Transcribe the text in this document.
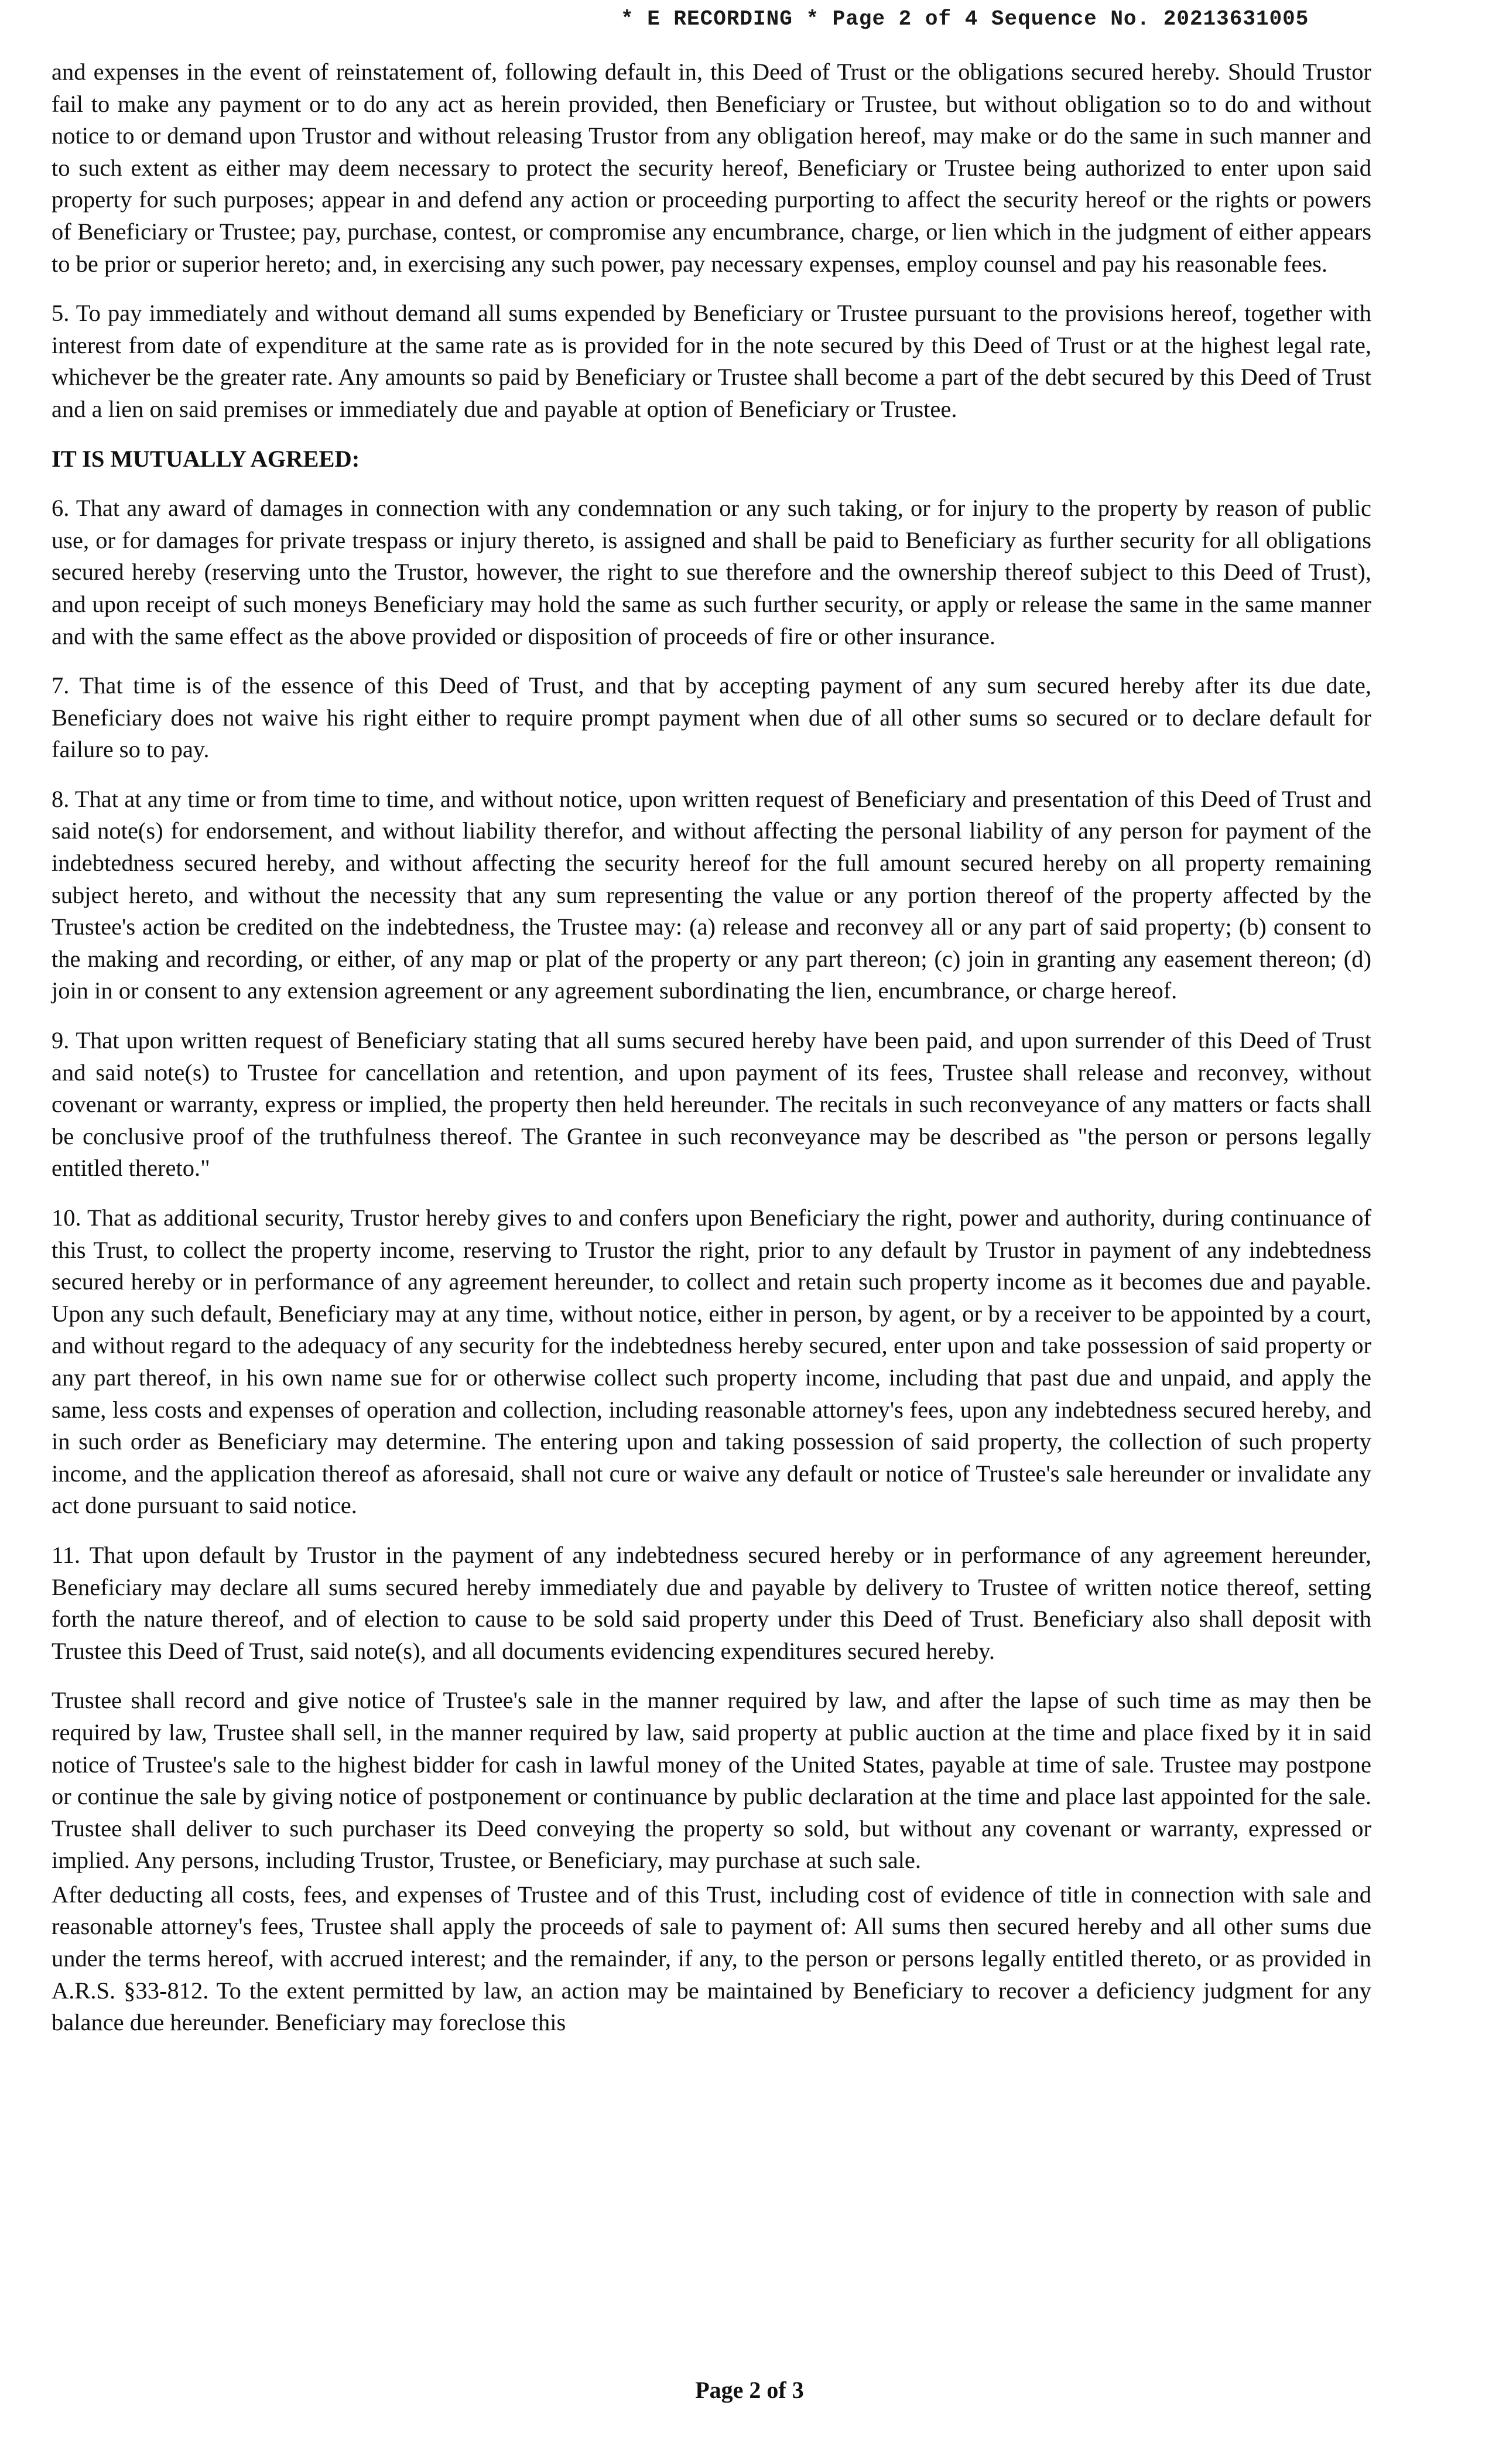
* E RECORDING * Page 2 of 4 Sequence No. 20213631005

and expenses in the event of reinstatement of, following default in, this Deed of Trust or the obligations secured hereby. Should Trustor fail to make any payment or to do any act as herein provided, then Beneficiary or Trustee, but without obligation so to do and without notice to or demand upon Trustor and without releasing Trustor from any obligation hereof, may make or do the same in such manner and to such extent as either may deem necessary to protect the security hereof, Beneficiary or Trustee being authorized to enter upon said property for such purposes; appear in and defend any action or proceeding purporting to affect the security hereof or the rights or powers of Beneficiary or Trustee; pay, purchase, contest, or compromise any encumbrance, charge, or lien which in the judgment of either appears to be prior or superior hereto; and, in exercising any such power, pay necessary expenses, employ counsel and pay his reasonable fees.

5. To pay immediately and without demand all sums expended by Beneficiary or Trustee pursuant to the provisions hereof, together with interest from date of expenditure at the same rate as is provided for in the note secured by this Deed of Trust or at the highest legal rate, whichever be the greater rate. Any amounts so paid by Beneficiary or Trustee shall become a part of the debt secured by this Deed of Trust and a lien on said premises or immediately due and payable at option of Beneficiary or Trustee.

IT IS MUTUALLY AGREED:

6. That any award of damages in connection with any condemnation or any such taking, or for injury to the property by reason of public use, or for damages for private trespass or injury thereto, is assigned and shall be paid to Beneficiary as further security for all obligations secured hereby (reserving unto the Trustor, however, the right to sue therefore and the ownership thereof subject to this Deed of Trust), and upon receipt of such moneys Beneficiary may hold the same as such further security, or apply or release the same in the same manner and with the same effect as the above provided or disposition of proceeds of fire or other insurance.

7. That time is of the essence of this Deed of Trust, and that by accepting payment of any sum secured hereby after its due date, Beneficiary does not waive his right either to require prompt payment when due of all other sums so secured or to declare default for failure so to pay.

8. That at any time or from time to time, and without notice, upon written request of Beneficiary and presentation of this Deed of Trust and said note(s) for endorsement, and without liability therefor, and without affecting the personal liability of any person for payment of the indebtedness secured hereby, and without affecting the security hereof for the full amount secured hereby on all property remaining subject hereto, and without the necessity that any sum representing the value or any portion thereof of the property affected by the Trustee's action be credited on the indebtedness, the Trustee may: (a) release and reconvey all or any part of said property; (b) consent to the making and recording, or either, of any map or plat of the property or any part thereon; (c) join in granting any easement thereon; (d) join in or consent to any extension agreement or any agreement subordinating the lien, encumbrance, or charge hereof.

9. That upon written request of Beneficiary stating that all sums secured hereby have been paid, and upon surrender of this Deed of Trust and said note(s) to Trustee for cancellation and retention, and upon payment of its fees, Trustee shall release and reconvey, without covenant or warranty, express or implied, the property then held hereunder. The recitals in such reconveyance of any matters or facts shall be conclusive proof of the truthfulness thereof. The Grantee in such reconveyance may be described as "the person or persons legally entitled thereto."

10. That as additional security, Trustor hereby gives to and confers upon Beneficiary the right, power and authority, during continuance of this Trust, to collect the property income, reserving to Trustor the right, prior to any default by Trustor in payment of any indebtedness secured hereby or in performance of any agreement hereunder, to collect and retain such property income as it becomes due and payable. Upon any such default, Beneficiary may at any time, without notice, either in person, by agent, or by a receiver to be appointed by a court, and without regard to the adequacy of any security for the indebtedness hereby secured, enter upon and take possession of said property or any part thereof, in his own name sue for or otherwise collect such property income, including that past due and unpaid, and apply the same, less costs and expenses of operation and collection, including reasonable attorney's fees, upon any indebtedness secured hereby, and in such order as Beneficiary may determine. The entering upon and taking possession of said property, the collection of such property income, and the application thereof as aforesaid, shall not cure or waive any default or notice of Trustee's sale hereunder or invalidate any act done pursuant to said notice.

11. That upon default by Trustor in the payment of any indebtedness secured hereby or in performance of any agreement hereunder, Beneficiary may declare all sums secured hereby immediately due and payable by delivery to Trustee of written notice thereof, setting forth the nature thereof, and of election to cause to be sold said property under this Deed of Trust. Beneficiary also shall deposit with Trustee this Deed of Trust, said note(s), and all documents evidencing expenditures secured hereby.

Trustee shall record and give notice of Trustee's sale in the manner required by law, and after the lapse of such time as may then be required by law, Trustee shall sell, in the manner required by law, said property at public auction at the time and place fixed by it in said notice of Trustee's sale to the highest bidder for cash in lawful money of the United States, payable at time of sale. Trustee may postpone or continue the sale by giving notice of postponement or continuance by public declaration at the time and place last appointed for the sale. Trustee shall deliver to such purchaser its Deed conveying the property so sold, but without any covenant or warranty, expressed or implied. Any persons, including Trustor, Trustee, or Beneficiary, may purchase at such sale.

After deducting all costs, fees, and expenses of Trustee and of this Trust, including cost of evidence of title in connection with sale and reasonable attorney's fees, Trustee shall apply the proceeds of sale to payment of: All sums then secured hereby and all other sums due under the terms hereof, with accrued interest; and the remainder, if any, to the person or persons legally entitled thereto, or as provided in A.R.S. §33-812. To the extent permitted by law, an action may be maintained by Beneficiary to recover a deficiency judgment for any balance due hereunder. Beneficiary may foreclose this

Page 2 of 3
